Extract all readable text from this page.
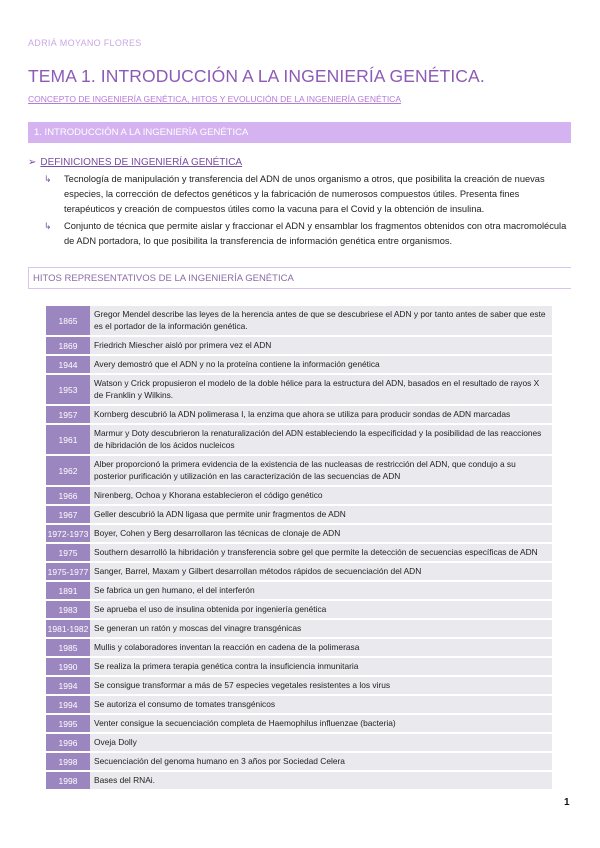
ADRIÁ MOYANO FLORES
TEMA 1. INTRODUCCIÓN A LA INGENIERÍA GENÉTICA.
CONCEPTO DE INGENIERÍA GENÉTICA, HITOS Y EVOLUCIÓN DE LA INGENIERÍA GENÉTICA
1. INTRODUCCIÓN A LA INGENIERÍA GENÉTICA
➢ DEFINICIONES DE INGENIERÍA GENÉTICA
↳	Tecnología de manipulación y transferencia del ADN de unos organismo a otros, que posibilita la creación de nuevas especies, la corrección de defectos genéticos y la fabricación de numerosos compuestos útiles. Presenta fines terapéuticos y creación de compuestos útiles como la vacuna para el Covid y la obtención de insulina.
↳	Conjunto de técnica que permite aislar y fraccionar el ADN y ensamblar los fragmentos obtenidos con otra macromolécula de ADN portadora, lo que posibilita la transferencia de información genética entre organismos.
HITOS REPRESENTATIVOS DE LA INGENIERÍA GENÉTICA
1865	Gregor Mendel describe las leyes de la herencia antes de que se descubriese el ADN y por tanto antes de saber que este es el portador de la información genética.
1869	Friedrich Miescher aisló por primera vez el ADN
1944	Avery demostró que el ADN y no la proteína contiene la información genética
1953	Watson y Crick propusieron el modelo de la doble hélice para la estructura del ADN, basados en el resultado de rayos X de Franklin y Wilkins.
1957	Kornberg descubrió la ADN polimerasa I, la enzima que ahora se utiliza para producir sondas de ADN marcadas
1961	Marmur y Doty descubrieron la renaturalización del ADN estableciendo la especificidad y la posibilidad de las reacciones de hibridación de los ácidos nucleicos
1962	Alber proporcionó la primera evidencia de la existencia de las nucleasas de restricción del ADN, que condujo a su posterior purificación y utilización en las caracterización de las secuencias de ADN
1966	Nirenberg, Ochoa y Khorana establecieron el código genético
1967	Geller descubrió la ADN ligasa que permite unir fragmentos de ADN
1972-1973	Boyer, Cohen y Berg desarrollaron las técnicas de clonaje de ADN
1975	Southern desarrolló la hibridación y transferencia sobre gel que permite la detección de secuencias específicas de ADN
1975-1977	Sanger, Barrel, Maxam y Gilbert desarrollan métodos rápidos de secuenciación del ADN
1891	Se fabrica un gen humano, el del interferón
1983	Se aprueba el uso de insulina obtenida por ingeniería genética
1981-1982	Se generan un ratón y moscas del vinagre transgénicas
1985	Mullis y colaboradores inventan la reacción en cadena de la polimerasa
1990	Se realiza la primera terapia genética contra la insuficiencia inmunitaria
1994	Se consigue transformar a más de 57 especies vegetales resistentes a los virus
1994	Se autoriza el consumo de tomates transgénicos
1995	Venter consigue la secuenciación completa de Haemophilus influenzae (bacteria)
1996	Oveja Dolly
1998	Secuenciación del genoma humano en 3 años por Sociedad Celera
1998	Bases del RNAi.
1
